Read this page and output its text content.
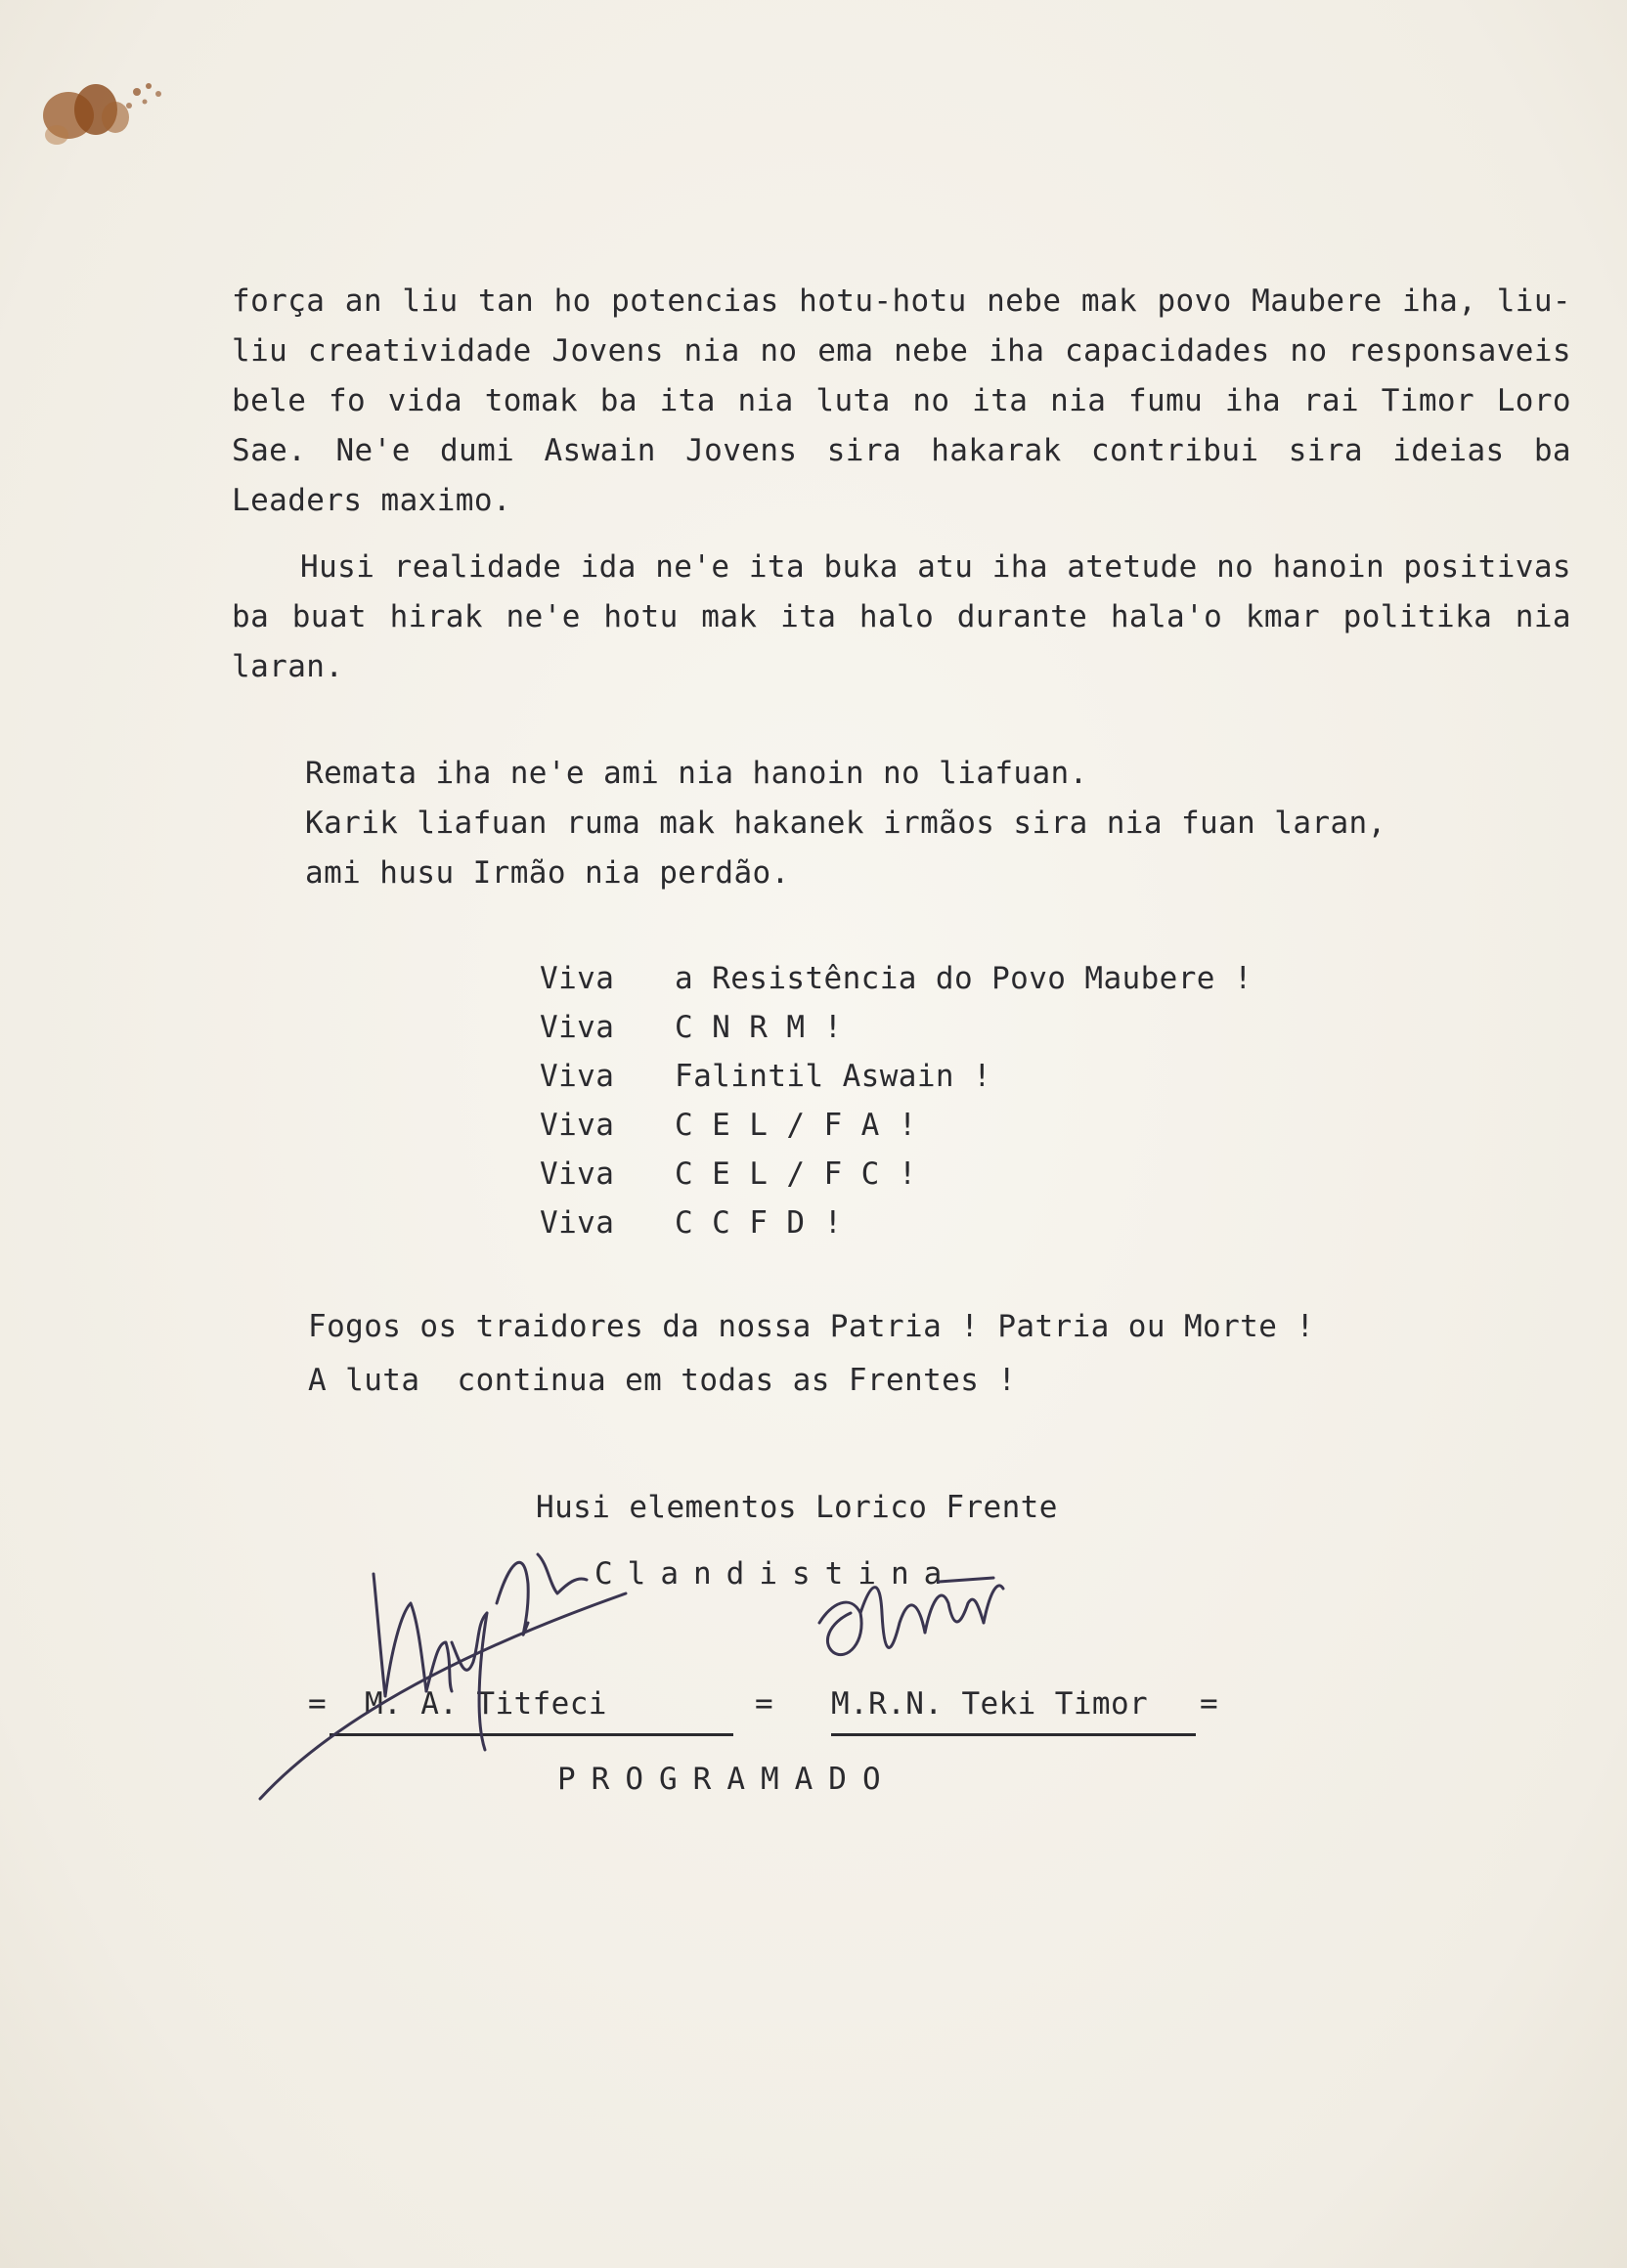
força an liu tan ho potencias hotu-hotu nebe mak povo Maubere iha, liu-liu creatividade Jovens nia no ema nebe iha capacidades no responsaveis bele fo vida tomak ba ita nia luta no ita nia fumu iha rai Timor Loro Sae. Ne'e dumi Aswain Jovens sira hakarak contribui sira ideias ba Leaders maximo.

Husi realidade ida ne'e ita buka atu iha atetude no hanoin positivas ba buat hirak ne'e hotu mak ita halo durante hala'o kmar politika nia laran.

Remata iha ne'e ami nia hanoin no liafuan.
Karik liafuan ruma mak hakanek irmãos sira nia fuan laran,
ami husu Irmão nia perdão.
Viva	a Resistência do Povo Maubere !
Viva	C N R M !
Viva	Falintil Aswain !
Viva	C E L / F A !
Viva	C E L / F C !
Viva	C C F D !
Fogos os traidores da nossa Patria ! Patria ou Morte !
A luta  continua em todas as Frentes !
Husi elementos Lorico Frente
Clandistina
= M. A. Titfeci	= M.R.N. Teki Timor =
PROGRAMADO
